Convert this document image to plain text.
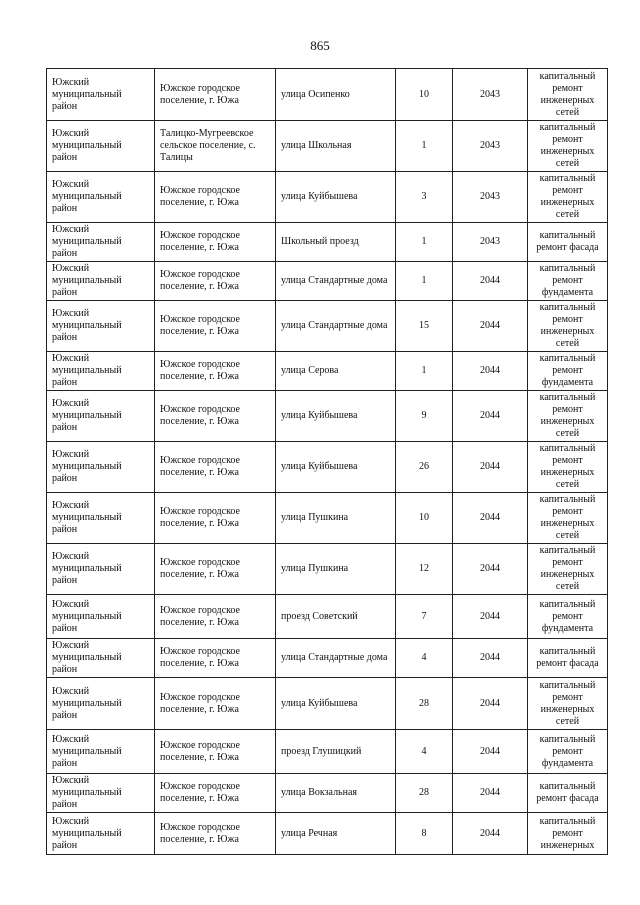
865
Южский муниципальный район	Южское городское поселение, г. Южа	улица Осипенко	10	2043	капитальный ремонт инженерных сетей
Южский муниципальный район	Талицко-Мугреевское сельское поселение, с. Талицы	улица Школьная	1	2043	капитальный ремонт инженерных сетей
Южский муниципальный район	Южское городское поселение, г. Южа	улица Куйбышева	3	2043	капитальный ремонт инженерных сетей
Южский муниципальный район	Южское городское поселение, г. Южа	Школьный проезд	1	2043	капитальный ремонт фасада
Южский муниципальный район	Южское городское поселение, г. Южа	улица Стандартные дома	1	2044	капитальный ремонт фундамента
Южский муниципальный район	Южское городское поселение, г. Южа	улица Стандартные дома	15	2044	капитальный ремонт инженерных сетей
Южский муниципальный район	Южское городское поселение, г. Южа	улица Серова	1	2044	капитальный ремонт фундамента
Южский муниципальный район	Южское городское поселение, г. Южа	улица Куйбышева	9	2044	капитальный ремонт инженерных сетей
Южский муниципальный район	Южское городское поселение, г. Южа	улица Куйбышева	26	2044	капитальный ремонт инженерных сетей
Южский муниципальный район	Южское городское поселение, г. Южа	улица Пушкина	10	2044	капитальный ремонт инженерных сетей
Южский муниципальный район	Южское городское поселение, г. Южа	улица Пушкина	12	2044	капитальный ремонт инженерных сетей
Южский муниципальный район	Южское городское поселение, г. Южа	проезд Советский	7	2044	капитальный ремонт фундамента
Южский муниципальный район	Южское городское поселение, г. Южа	улица Стандартные дома	4	2044	капитальный ремонт фасада
Южский муниципальный район	Южское городское поселение, г. Южа	улица Куйбышева	28	2044	капитальный ремонт инженерных сетей
Южский муниципальный район	Южское городское поселение, г. Южа	проезд Глушицкий	4	2044	капитальный ремонт фундамента
Южский муниципальный район	Южское городское поселение, г. Южа	улица Вокзальная	28	2044	капитальный ремонт фасада
Южский муниципальный район	Южское городское поселение, г. Южа	улица Речная	8	2044	капитальный ремонт инженерных
